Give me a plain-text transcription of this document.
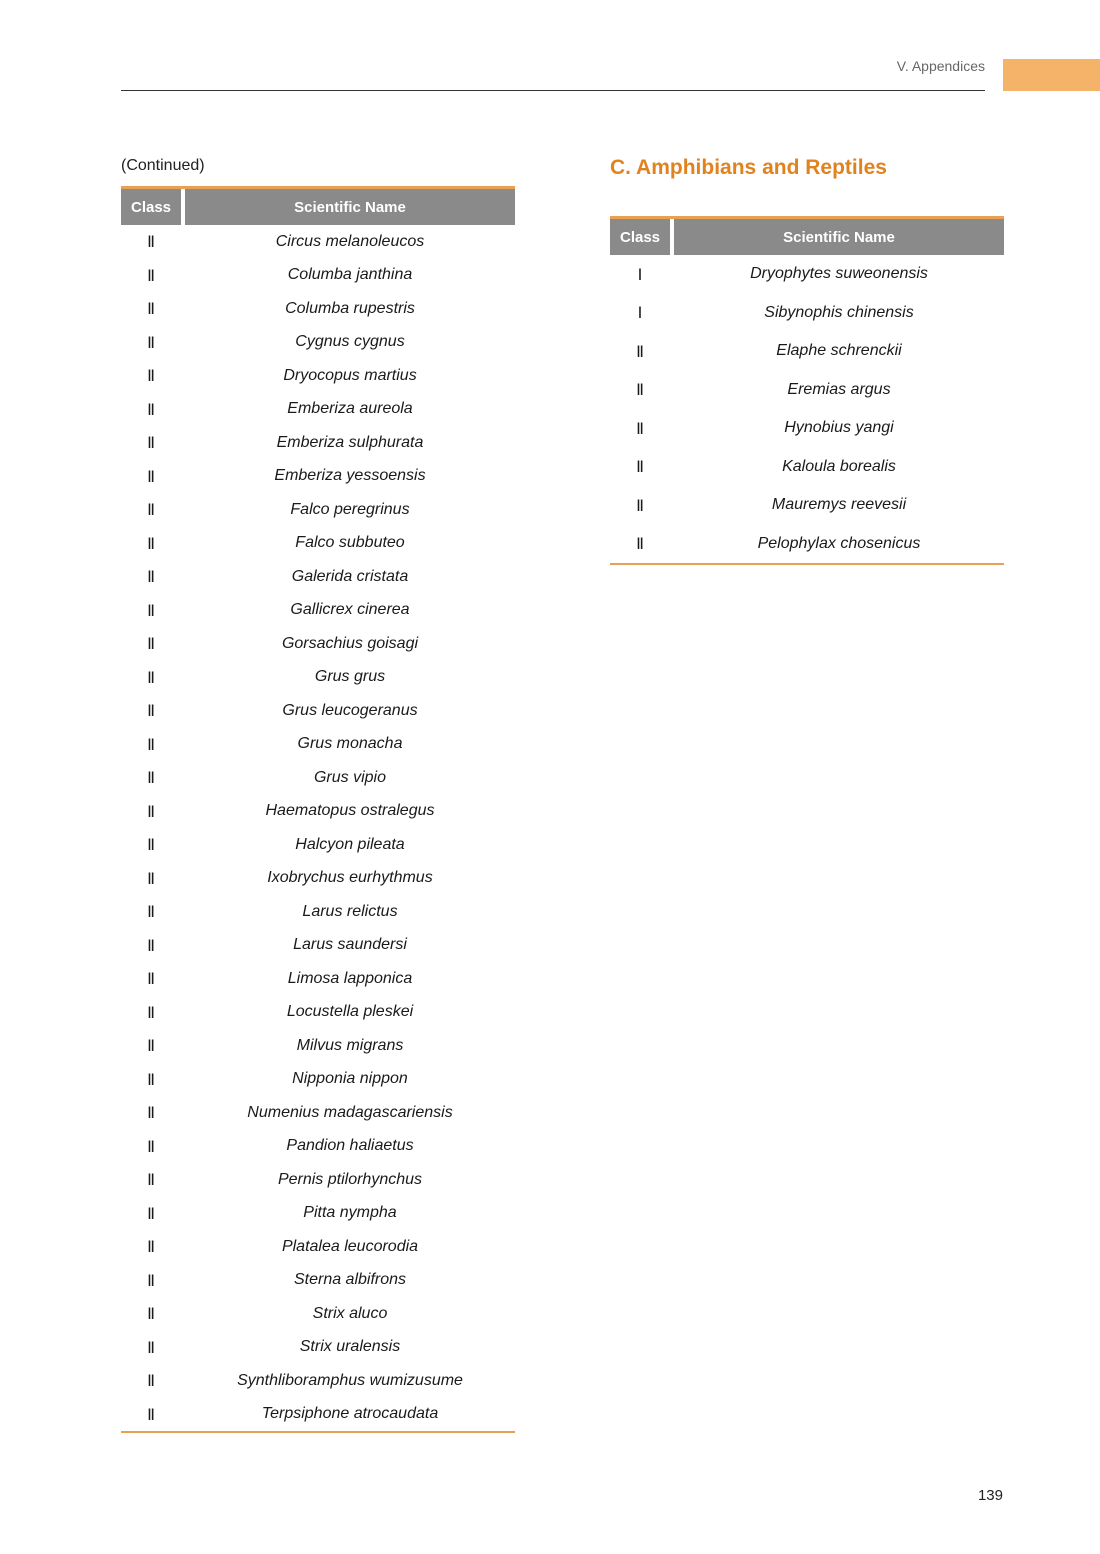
V. Appendices
(Continued)
Class		Scientific Name
Ⅱ		Circus melanoleucos
Ⅱ		Columba janthina
Ⅱ		Columba rupestris
Ⅱ		Cygnus cygnus
Ⅱ		Dryocopus martius
Ⅱ		Emberiza aureola
Ⅱ		Emberiza sulphurata
Ⅱ		Emberiza yessoensis
Ⅱ		Falco peregrinus
Ⅱ		Falco subbuteo
Ⅱ		Galerida cristata
Ⅱ		Gallicrex cinerea
Ⅱ		Gorsachius goisagi
Ⅱ		Grus grus
Ⅱ		Grus leucogeranus
Ⅱ		Grus monacha
Ⅱ		Grus vipio
Ⅱ		Haematopus ostralegus
Ⅱ		Halcyon pileata
Ⅱ		Ixobrychus eurhythmus
Ⅱ		Larus relictus
Ⅱ		Larus saundersi
Ⅱ		Limosa lapponica
Ⅱ		Locustella pleskei
Ⅱ		Milvus migrans
Ⅱ		Nipponia nippon
Ⅱ		Numenius madagascariensis
Ⅱ		Pandion haliaetus
Ⅱ		Pernis ptilorhynchus
Ⅱ		Pitta nympha
Ⅱ		Platalea leucorodia
Ⅱ		Sterna albifrons
Ⅱ		Strix aluco
Ⅱ		Strix uralensis
Ⅱ		Synthliboramphus wumizusume
Ⅱ		Terpsiphone atrocaudata
C. Amphibians and Reptiles
Class		Scientific Name
Ⅰ		Dryophytes suweonensis
Ⅰ		Sibynophis chinensis
Ⅱ		Elaphe schrenckii
Ⅱ		Eremias argus
Ⅱ		Hynobius yangi
Ⅱ		Kaloula borealis
Ⅱ		Mauremys reevesii
Ⅱ		Pelophylax chosenicus
139
